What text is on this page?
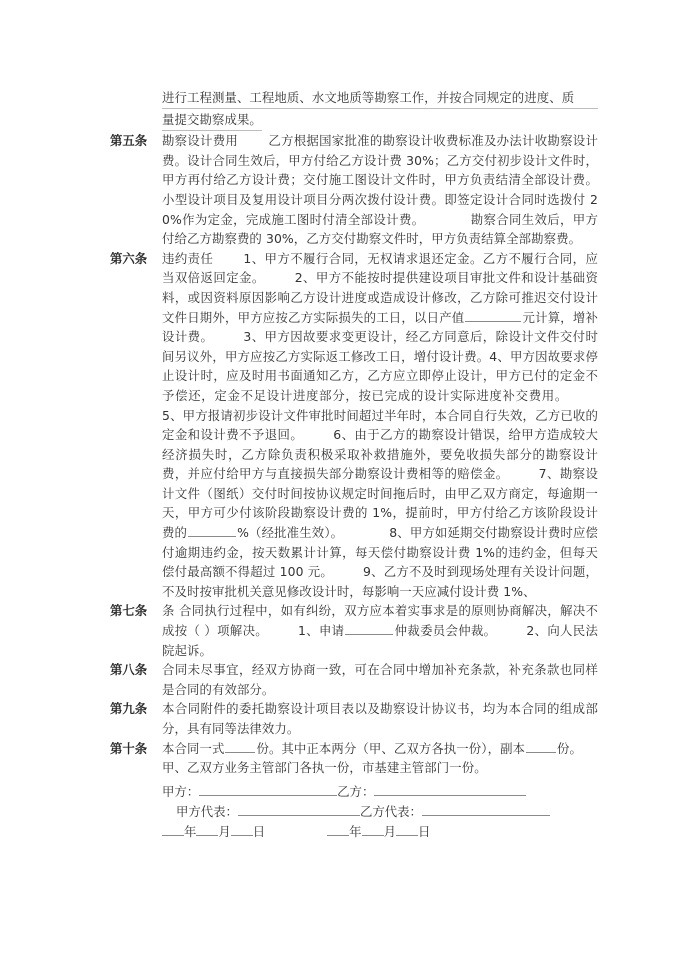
进行工程测量、工程地质、水文地质等勘察工作，并按合同规定的进度、质
量提交勘察成果。
第五条	勘察设计费用 乙方根据国家批准的勘察设计收费标准及办法计收勘察设计费。设计合同生效后，甲方付给乙方设计费 30%；乙方交付初步设计文件时，甲方再付给乙方设计费；交付施工图设计文件时，甲方负责结清全部设计费。小型设计项目及复用设计项目分两次拨付设计费。即签定设计合同时选拨付 20%作为定金，完成施工图时付清全部设计费。	勘察合同生效后，甲方付给乙方勘察费的 30%，乙方交付勘察文件时，甲方负责结算全部勘察费。
第六条	违约责任 1、甲方不履行合同，无权请求退还定金。乙方不履行合同，应当双倍返回定金。 2、甲方不能按时提供建设项目审批文件和设计基础资料，或因资料原因影响乙方设计进度或造成设计修改，乙方除可推迟交付设计文件日期外，甲方应按乙方实际损失的工日，以日产值	元计算，增补设计费。 3、甲方因故要求变更设计，经乙方同意后，除设计文件交付时间另议外，甲方应按乙方实际返工修改工日，增付设计费。4、甲方因故要求停止设计时，应及时用书面通知乙方，乙方应立即停止设计，甲方已付的定金不予偿还，定金不足设计进度部分，按已完成的设计实际进度补交费用。5、甲方报请初步设计文件审批时间超过半年时，本合同自行失效，乙方已收的定金和设计费不予退回。 6、由于乙方的勘察设计错误，给甲方造成较大经济损失时，乙方除负责积极采取补救措施外，要免收损失部分的勘察设计费，并应付给甲方与直接损失部分勘察设计费相等的赔偿金。 7、勘察设计文件（图纸）交付时间按协议规定时间拖后时，由甲乙双方商定，每逾期一天，甲方可少付该阶段勘察设计费的 1%，提前时，甲方付给乙方该阶段设计费的	%（经批准生效）。	8、甲方如延期交付勘察设计费时应偿付逾期违约金，按天数累计计算，每天偿付勘察设计费 1%的违约金，但每天偿付最高额不得超过 100 元。 9、乙方不及时到现场处理有关设计问题，不及时按审批机关意见修改设计时，每影响一天应减付设计费 1%、
第七条	条 合同执行过程中，如有纠纷，双方应本着实事求是的原则协商解决，解决不成按（ ）项解决。 1、申请	仲裁委员会仲裁。 2、向人民法院起诉。
第八条	合同未尽事宜，经双方协商一致，可在合同中增加补充条款，补充条款也同样是合同的有效部分。
第九条	本合同附件的委托勘察设计项目表以及勘察设计协议书，均为本合同的组成部分，具有同等法律效力。
第十条	本合同一式	份。其中正本两分（甲、乙双方各执一份），副本	份。
甲、乙双方业务主管部门各执一份，市基建主管部门一份。
甲方：	乙方：
甲方代表：	乙方代表：
年 月 日	年 月 日
